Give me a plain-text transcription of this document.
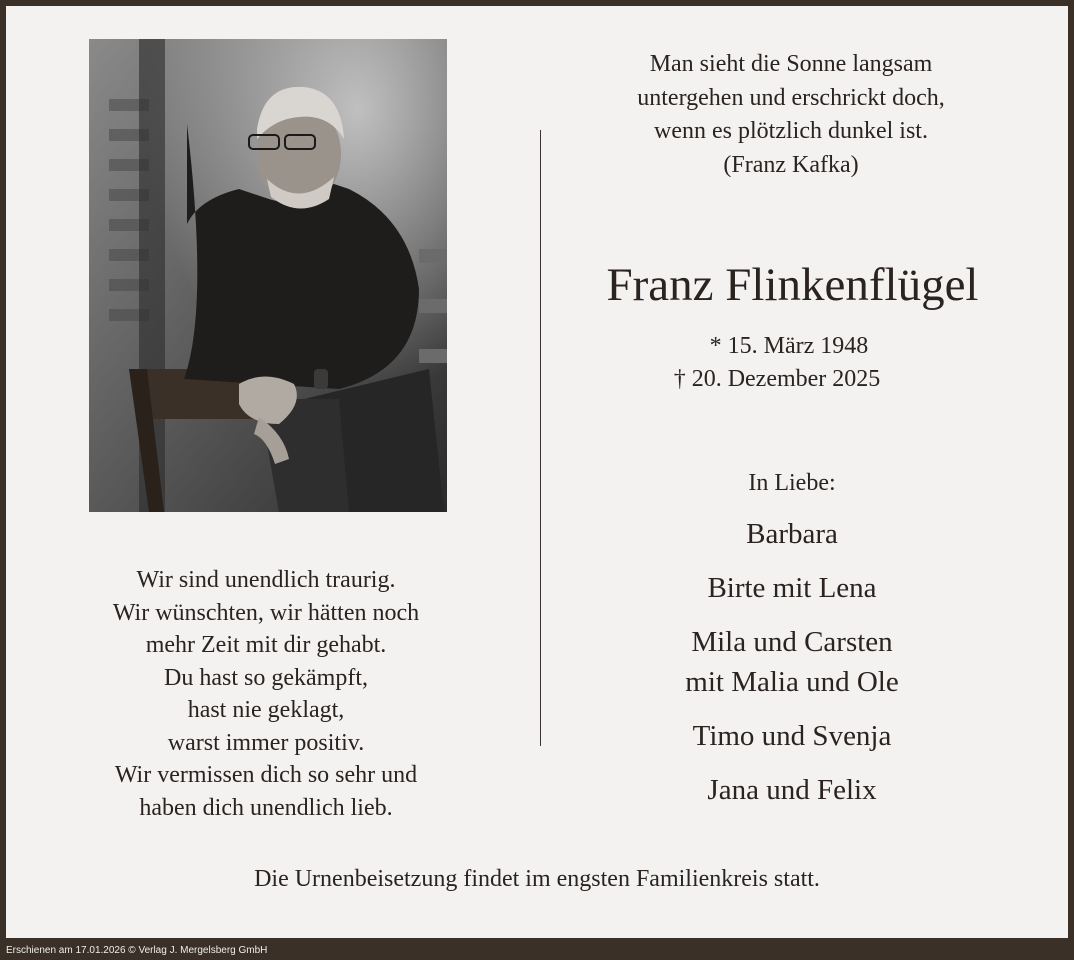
Man sieht die Sonne langsam
untergehen und erschrickt doch,
wenn es plötzlich dunkel ist.
(Franz Kafka)
Franz Flinkenflügel
* 15. März 1948
† 20. Dezember 2025
In Liebe:
Barbara
Birte mit Lena
Mila und Carsten
mit Malia und Ole
Timo und Svenja
Jana und Felix
Wir sind unendlich traurig.
Wir wünschten, wir hätten noch
mehr Zeit mit dir gehabt.
Du hast so gekämpft,
hast nie geklagt,
warst immer positiv.
Wir vermissen dich so sehr und
haben dich unendlich lieb.
Die Urnenbeisetzung findet im engsten Familienkreis statt.
Erschienen am 17.01.2026 © Verlag J. Mergelsberg GmbH
